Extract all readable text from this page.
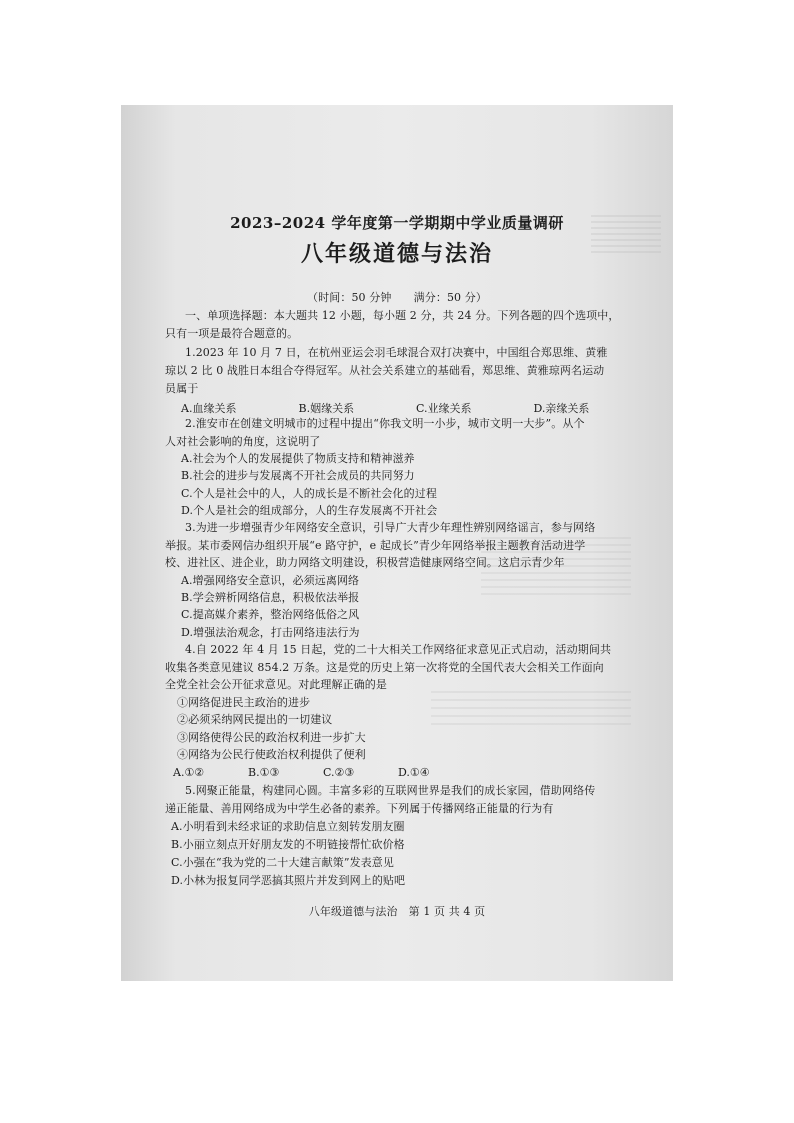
2023–2024 学年度第一学期期中学业质量调研
八年级道德与法治
（时间：50 分钟　　满分：50 分）
一、单项选择题：本大题共 12 小题，每小题 2 分，共 24 分。下列各题的四个选项中，
只有一项是最符合题意的。
1.2023 年 10 月 7 日，在杭州亚运会羽毛球混合双打决赛中，中国组合郑思维、黄雅
琼以 2 比 0 战胜日本组合夺得冠军。从社会关系建立的基础看，郑思维、黄雅琼两名运动
员属于
A.血缘关系	B.姻缘关系	C.业缘关系	D.亲缘关系
2.淮安市在创建文明城市的过程中提出“你我文明一小步，城市文明一大步”。从个
人对社会影响的角度，这说明了
A.社会为个人的发展提供了物质支持和精神滋养
B.社会的进步与发展离不开社会成员的共同努力
C.个人是社会中的人，人的成长是不断社会化的过程
D.个人是社会的组成部分，人的生存发展离不开社会
3.为进一步增强青少年网络安全意识，引导广大青少年理性辨别网络谣言，参与网络
举报。某市委网信办组织开展“e 路守护，e 起成长”青少年网络举报主题教育活动进学
校、进社区、进企业，助力网络文明建设，积极营造健康网络空间。这启示青少年
A.增强网络安全意识，必须远离网络
B.学会辨析网络信息，积极依法举报
C.提高媒介素养，整治网络低俗之风
D.增强法治观念，打击网络违法行为
4.自 2022 年 4 月 15 日起，党的二十大相关工作网络征求意见正式启动，活动期间共
收集各类意见建议 854.2 万条。这是党的历史上第一次将党的全国代表大会相关工作面向
全党全社会公开征求意见。对此理解正确的是
①网络促进民主政治的进步
②必须采纳网民提出的一切建议
③网络使得公民的政治权利进一步扩大
④网络为公民行使政治权利提供了便利
A.①②	B.①③	C.②③	D.①④
5.网聚正能量，构建同心圆。丰富多彩的互联网世界是我们的成长家园，借助网络传
递正能量、善用网络成为中学生必备的素养。下列属于传播网络正能量的行为有
A.小明看到未经求证的求助信息立刻转发朋友圈
B.小丽立刻点开好朋友发的不明链接帮忙砍价格
C.小强在“我为党的二十大建言献策”发表意见
D.小林为报复同学恶搞其照片并发到网上的贴吧
八年级道德与法治　第 1 页 共 4 页
